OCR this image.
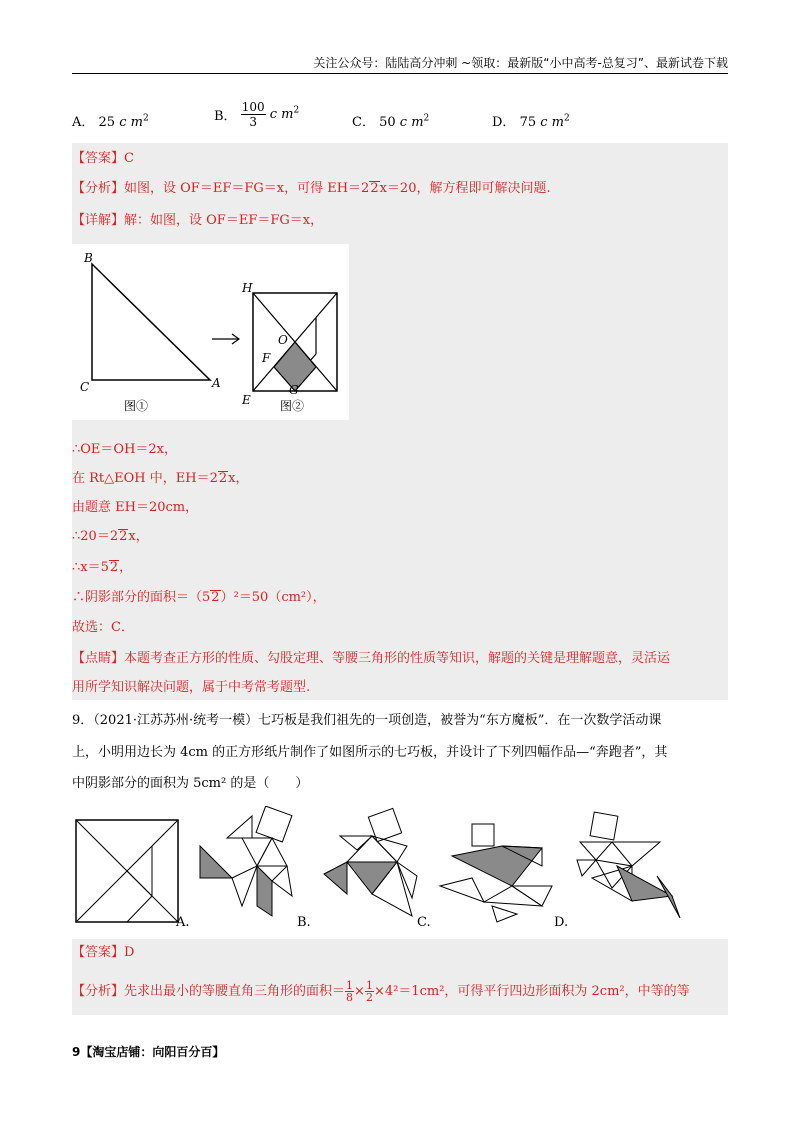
关注公众号：陆陆高分冲刺 ~领取：最新版“小中高考-总复习”、最新试卷下载
A． 25 c $m^2$	B． $\frac{100}{3}$ c $m^2$
C． 50 c $m^2$	D． 75 c $m^2$
【答案】C
【分析】如图，设 OF＝EF＝FG＝x，可得 EH＝22x＝20，解方程即可解决问题.
【详解】解：如图，设 OF＝EF＝FG＝x，
B
C	A
H
O
F
G
E
图①	图②
∴OE＝OH＝2x，
在 Rt△EOH 中，EH＝22x，
由题意 EH＝20cm，
∴20＝22x，
∴x＝52，
∴阴影部分的面积＝（52）²＝50（cm²），
故选：C．
【点睛】本题考查正方形的性质、勾股定理、等腰三角形的性质等知识，解题的关键是理解题意，灵活运
用所学知识解决问题，属于中考常考题型.
9．（2021·江苏苏州·统考一模）七巧板是我们祖先的一项创造，被誉为“东方魔板”．在一次数学活动课
上，小明用边长为 4cm 的正方形纸片制作了如图所示的七巧板，并设计了下列四幅作品—“奔跑者”，其
中阴影部分的面积为 5cm² 的是（　　）
A.	B.	C.	D.
【答案】D
【分析】先求出最小的等腰直角三角形的面积＝ $\frac{1}{8} \times \frac{1}{2} \times 4^2=1cm^2$，可得平行四边形面积为 2cm²，中等的等
9【淘宝店铺：向阳百分百】
